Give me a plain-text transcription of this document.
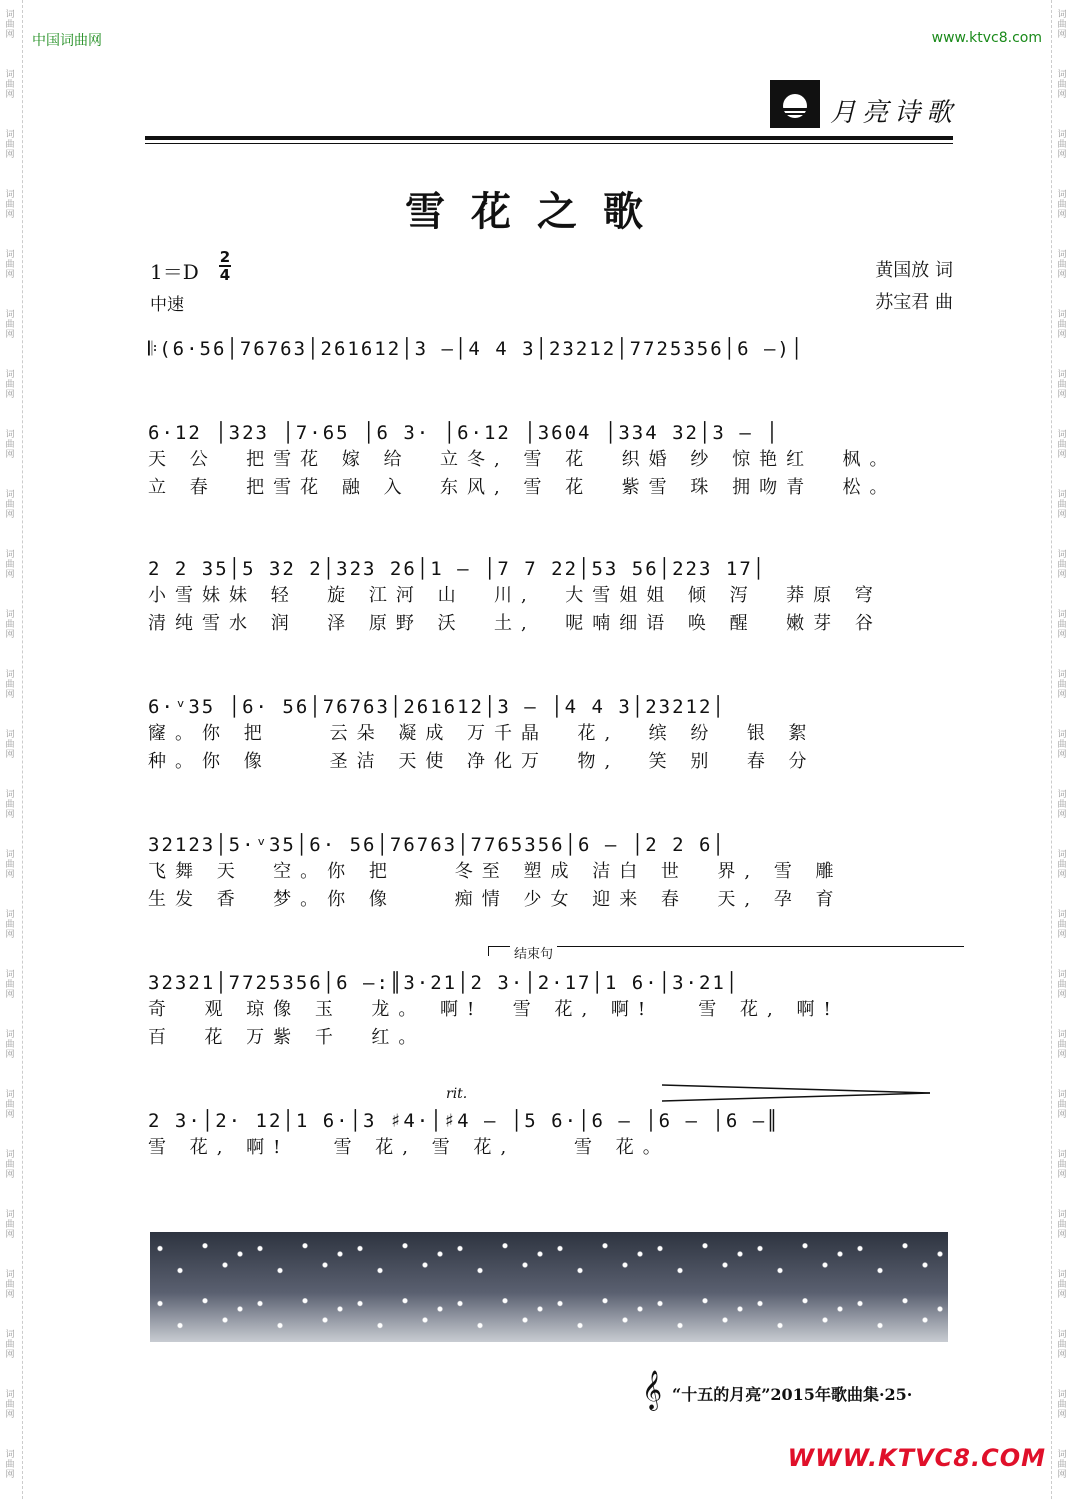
词
曲
网
词
曲
网
词
曲
网
词
曲
网
词
曲
网
词
曲
网
词
曲
网
词
曲
网
词
曲
网
词
曲
网
词
曲
网
词
曲
网
词
曲
网
词
曲
网
词
曲
网
词
曲
网
词
曲
网
词
曲
网
词
曲
网
词
曲
网
词
曲
网
词
曲
网
词
曲
网
词
曲
网
词
曲
网
词
曲
网
词
曲
网
词
曲
网
词
曲
网
词
曲
网
词
曲
网
词
曲
网
词
曲
网
词
曲
网
词
曲
网
词
曲
网
词
曲
网
词
曲
网
词
曲
网
词
曲
网
词
曲
网
词
曲
网
词
曲
网
词
曲
网
词
曲
网
词
曲
网
词
曲
网
词
曲
网
词
曲
网
词
曲
网
中国词曲网	www.ktvc8.com
月亮诗歌
雪花之歌
1＝D
2
4
中速
黄国放 词
苏宝君 曲
𝄆(6·56│76763│261612│3 –│4 4 3│23212│7725356│6 –)│
6·12 │323 │7·65 │6 3· │6·12 │3604 │334 32│3 – │
天 公  把雪花 嫁 给  立冬, 雪 花  织婚 纱 惊艳红  枫。
立 春  把雪花 融 入  东风, 雪 花  紫雪 珠 拥吻青  松。
2 2 35│5 32 2│323 26│1 – │7 7 22│53 56│223 17│
小雪妹妹 轻  旋 江河 山  川,  大雪姐姐 倾 泻  莽原 穹
清纯雪水 润  泽 原野 沃  土,  呢喃细语 唤 醒  嫩芽 谷
6·ᵛ35 │6· 56│76763│261612│3 – │4 4 3│23212│
窿。你 把    云朵 凝成 万千晶  花,  缤 纷  银 絮
种。你 像    圣洁 天使 净化万  物,  笑 别  春 分
32123│5·ᵛ35│6· 56│76763│7765356│6 – │2 2 6│
飞舞 天  空。你 把    冬至 塑成 洁白 世  界, 雪 雕
生发 香  梦。你 像    痴情 少女 迎来 春  天, 孕 育
结束句
32321│7725356│6 –:║3·21│2 3·│2·17│1 6·│3·21│
奇  观 琼像 玉  龙。 啊!  雪 花, 啊!   雪 花, 啊!
百  花 万紫 千  红。
rit.
2 3·│2· 12│1 6·│3 ♯4·│♯4 – │5 6·│6 – │6 – │6 –║
雪 花, 啊!   雪 花, 雪 花,    雪 花。
𝄞 “十五的月亮”2015年歌曲集·25·
WWW.KTVC8.COM
